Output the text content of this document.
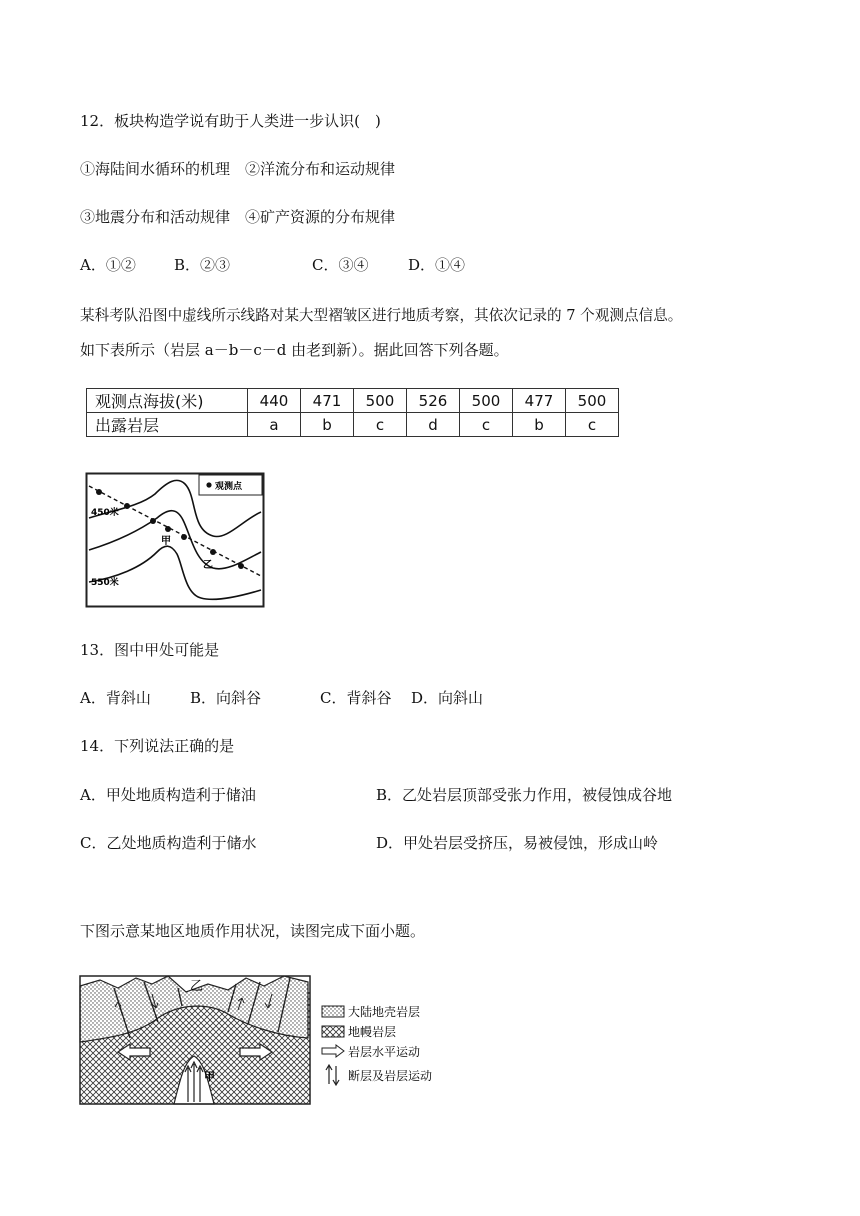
12．板块构造学说有助于人类进一步认识(　)
①海陆间水循环的机理　②洋流分布和运动规律
③地震分布和活动规律　④矿产资源的分布规律
A．①②	B．②③	C．③④	D．①④
某科考队沿图中虚线所示线路对某大型褶皱区进行地质考察，其依次记录的 7 个观测点信息。
如下表所示（岩层 a－b－c－d 由老到新）。据此回答下列各题。
观测点海拔(米)	440	471	500	526	500	477	500
出露岩层	a	b	c	d	c	b	c
观测点
450米
550米
甲
乙
13．图中甲处可能是
A．背斜山	B．向斜谷	C．背斜谷 D．向斜山
14．下列说法正确的是
A．甲处地质构造利于储油	B．乙处岩层顶部受张力作用，被侵蚀成谷地
C．乙处地质构造利于储水	D．甲处岩层受挤压，易被侵蚀，形成山岭
下图示意某地区地质作用状况，读图完成下面小题。
甲
乙
大陆地壳岩层
地幔岩层
岩层水平运动
断层及岩层运动
